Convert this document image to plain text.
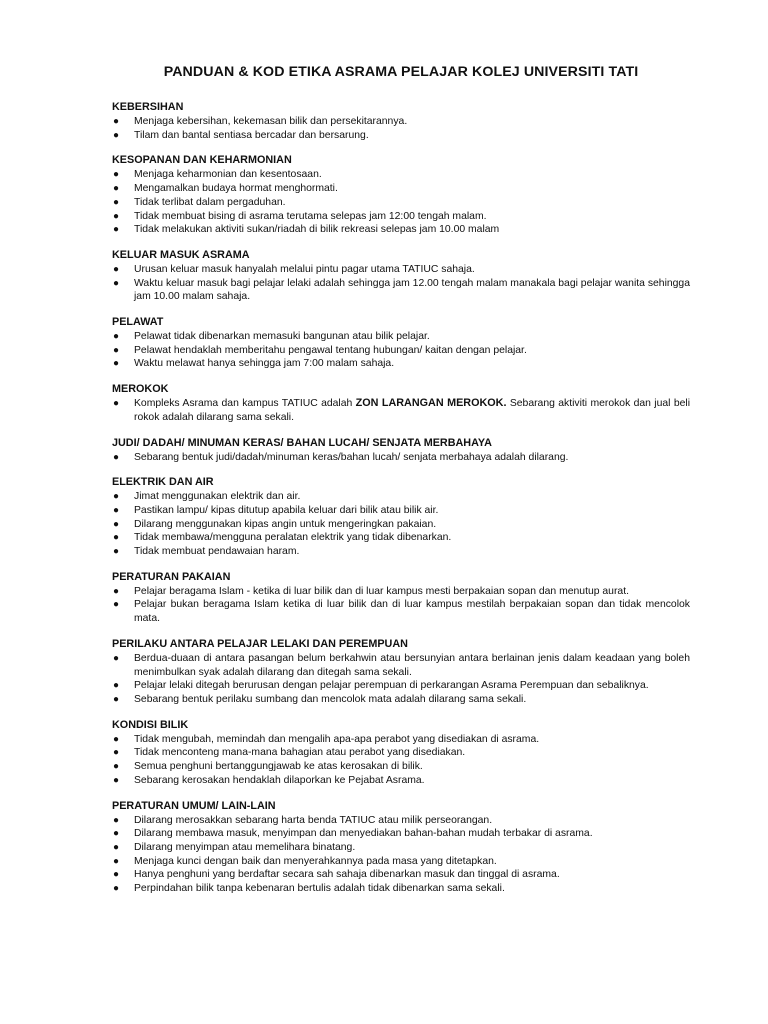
PANDUAN & KOD ETIKA ASRAMA PELAJAR KOLEJ UNIVERSITI TATI
KEBERSIHAN
● Menjaga kebersihan, kekemasan bilik dan persekitarannya.
● Tilam dan bantal sentiasa bercadar dan bersarung.
KESOPANAN DAN KEHARMONIAN
● Menjaga keharmonian dan kesentosaan.
● Mengamalkan budaya hormat menghormati.
● Tidak terlibat dalam pergaduhan.
● Tidak membuat bising di asrama terutama selepas jam 12:00 tengah malam.
● Tidak melakukan aktiviti sukan/riadah di bilik rekreasi selepas jam 10.00 malam
KELUAR MASUK ASRAMA
● Urusan keluar masuk hanyalah melalui pintu pagar utama TATIUC sahaja.
● Waktu keluar masuk bagi pelajar lelaki adalah sehingga jam 12.00 tengah malam manakala bagi pelajar wanita sehingga jam 10.00 malam sahaja.
PELAWAT
● Pelawat tidak dibenarkan memasuki bangunan atau bilik pelajar.
● Pelawat hendaklah memberitahu pengawal tentang hubungan/ kaitan dengan pelajar.
● Waktu melawat hanya sehingga jam 7:00 malam sahaja.
MEROKOK
● Kompleks Asrama dan kampus TATIUC adalah ZON LARANGAN MEROKOK. Sebarang aktiviti merokok dan jual beli rokok adalah dilarang sama sekali.
JUDI/ DADAH/ MINUMAN KERAS/ BAHAN LUCAH/ SENJATA MERBAHAYA
● Sebarang bentuk judi/dadah/minuman keras/bahan lucah/ senjata merbahaya adalah dilarang.
ELEKTRIK DAN AIR
● Jimat menggunakan elektrik dan air.
● Pastikan lampu/ kipas ditutup apabila keluar dari bilik atau bilik air.
● Dilarang menggunakan kipas angin untuk mengeringkan pakaian.
● Tidak membawa/mengguna peralatan elektrik yang tidak dibenarkan.
● Tidak membuat pendawaian haram.
PERATURAN PAKAIAN
● Pelajar beragama Islam - ketika di luar bilik dan di luar kampus mesti berpakaian sopan dan menutup aurat.
● Pelajar bukan beragama Islam ketika di luar bilik dan di luar kampus mestilah berpakaian sopan dan tidak mencolok mata.
PERILAKU ANTARA PELAJAR LELAKI DAN PEREMPUAN
● Berdua-duaan di antara pasangan belum berkahwin atau bersunyian antara berlainan jenis dalam keadaan yang boleh menimbulkan syak adalah dilarang dan ditegah sama sekali.
● Pelajar lelaki ditegah berurusan dengan pelajar perempuan di perkarangan Asrama Perempuan dan sebaliknya.
● Sebarang bentuk perilaku sumbang dan mencolok mata adalah dilarang sama sekali.
KONDISI BILIK
● Tidak mengubah, memindah dan mengalih apa-apa perabot yang disediakan di asrama.
● Tidak menconteng mana-mana bahagian atau perabot yang disediakan.
● Semua penghuni bertanggungjawab ke atas kerosakan di bilik.
● Sebarang kerosakan hendaklah dilaporkan ke Pejabat Asrama.
PERATURAN UMUM/ LAIN-LAIN
● Dilarang merosakkan sebarang harta benda TATIUC atau milik perseorangan.
● Dilarang membawa masuk, menyimpan dan menyediakan bahan-bahan mudah terbakar di asrama.
● Dilarang menyimpan atau memelihara binatang.
● Menjaga kunci dengan baik dan menyerahkannya pada masa yang ditetapkan.
● Hanya penghuni yang berdaftar secara sah sahaja dibenarkan masuk dan tinggal di asrama.
● Perpindahan bilik tanpa kebenaran bertulis adalah tidak dibenarkan sama sekali.
